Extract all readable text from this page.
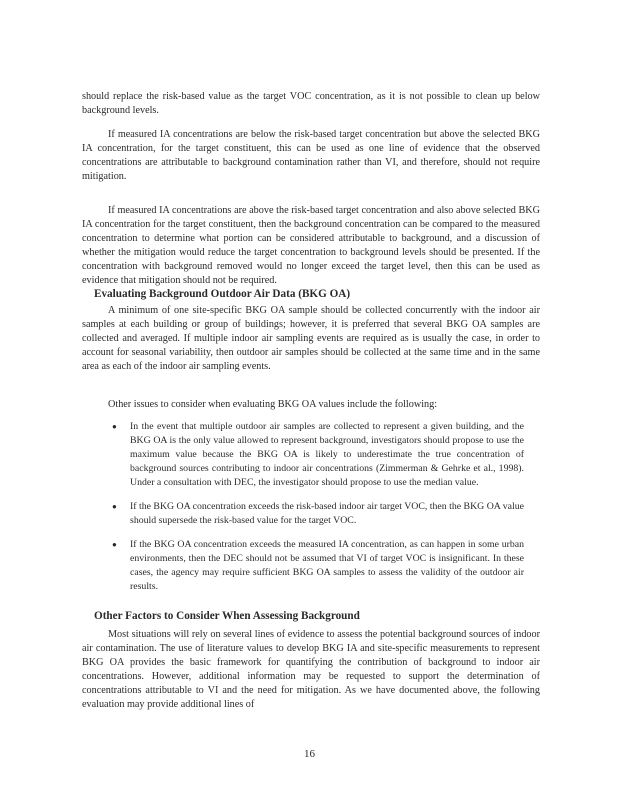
should replace the risk-based value as the target VOC concentration, as it is not possible to clean up below background levels.

If measured IA concentrations are below the risk-based target concentration but above the selected BKG IA concentration, for the target constituent, this can be used as one line of evidence that the observed concentrations are attributable to background contamination rather than VI, and therefore, should not require mitigation.

If measured IA concentrations are above the risk-based target concentration and also above selected BKG IA concentration for the target constituent, then the background concentration can be compared to the measured concentration to determine what portion can be considered attributable to background, and a discussion of whether the mitigation would reduce the target concentration to background levels should be presented. If the concentration with background removed would no longer exceed the target level, then this can be used as evidence that mitigation should not be required.

Evaluating Background Outdoor Air Data (BKG OA)

A minimum of one site-specific BKG OA sample should be collected concurrently with the indoor air samples at each building or group of buildings; however, it is preferred that several BKG OA samples are collected and averaged. If multiple indoor air sampling events are required as is usually the case, in order to account for seasonal variability, then outdoor air samples should be collected at the same time and in the same area as each of the indoor air sampling events.

Other issues to consider when evaluating BKG OA values include the following:

● In the event that multiple outdoor air samples are collected to represent a given building, and the BKG OA is the only value allowed to represent background, investigators should propose to use the maximum value because the BKG OA is likely to underestimate the true concentration of background sources contributing to indoor air concentrations (Zimmerman & Gehrke et al., 1998). Under a consultation with DEC, the investigator should propose to use the median value.
● If the BKG OA concentration exceeds the risk-based indoor air target VOC, then the BKG OA value should supersede the risk-based value for the target VOC.
● If the BKG OA concentration exceeds the measured IA concentration, as can happen in some urban environments, then the DEC should not be assumed that VI of target VOC is insignificant. In these cases, the agency may require sufficient BKG OA samples to assess the validity of the outdoor air results.
Other Factors to Consider When Assessing Background

Most situations will rely on several lines of evidence to assess the potential background sources of indoor air contamination. The use of literature values to develop BKG IA and site-specific measurements to represent BKG OA provides the basic framework for quantifying the contribution of background to indoor air concentrations. However, additional information may be requested to support the determination of concentrations attributable to VI and the need for mitigation. As we have documented above, the following evaluation may provide additional lines of

16
